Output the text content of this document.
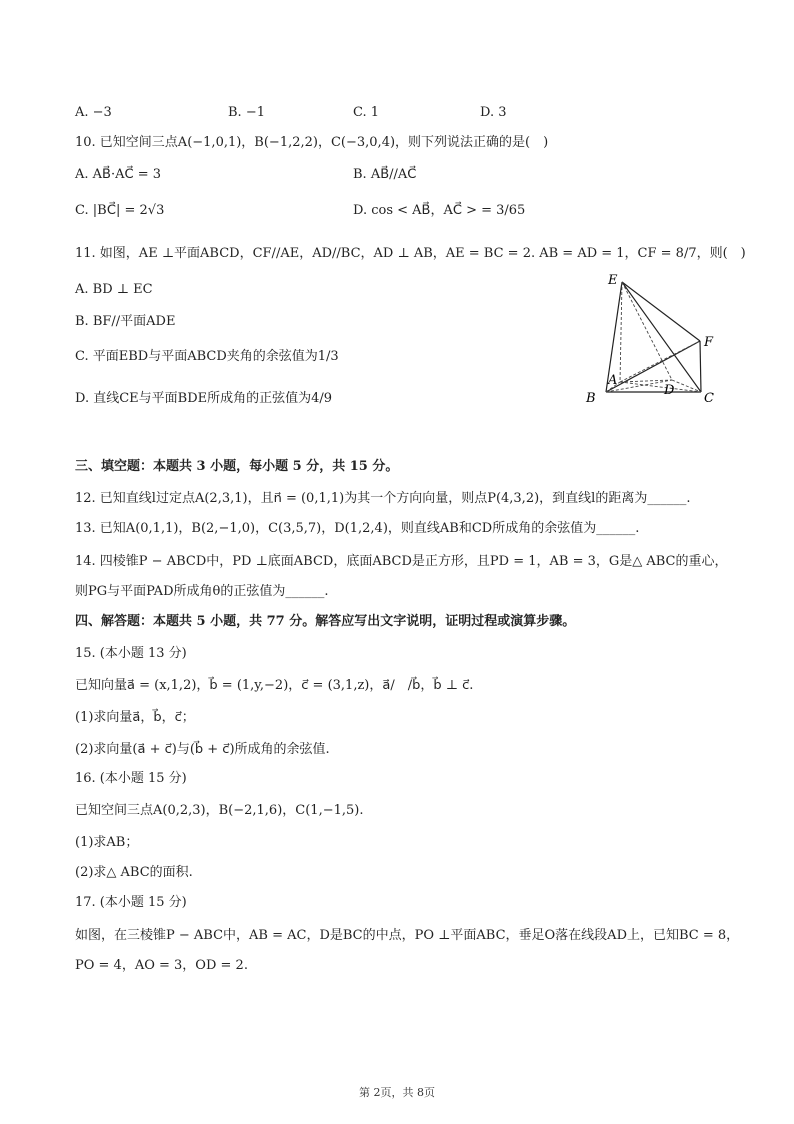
A. −3	B. −1	C. 1	D. 3
10. 已知空间三点A(−1,0,1)，B(−1,2,2)，C(−3,0,4)，则下列说法正确的是(　)
A. AB⃗·AC⃗ = 3	B. AB⃗//AC⃗
C. |BC⃗| = 2√3	D. cos < AB⃗，AC⃗ > = 3/65
11. 如图，AE ⊥平面ABCD，CF//AE，AD//BC，AD ⊥ AB，AE = BC = 2. AB = AD = 1，CF = 8/7，则(　)
A. BD ⊥ EC
B. BF//平面ADE
C. 平面EBD与平面ABCD夹角的余弦值为1/3
D. 直线CE与平面BDE所成角的正弦值为4/9
E
F
A
D
B	C
三、填空题：本题共 3 小题，每小题 5 分，共 15 分。
12. 已知直线l过定点A(2,3,1)，且n⃗ = (0,1,1)为其一个方向向量，则点P(4,3,2)，到直线l的距离为______.
13. 已知A(0,1,1)，B(2,−1,0)，C(3,5,7)，D(1,2,4)，则直线AB和CD所成角的余弦值为______.
14. 四棱锥P − ABCD中，PD ⊥底面ABCD，底面ABCD是正方形，且PD = 1，AB = 3，G是△ ABC的重心，
则PG与平面PAD所成角θ的正弦值为______.
四、解答题：本题共 5 小题，共 77 分。解答应写出文字说明，证明过程或演算步骤。
15. (本小题 13 分)
已知向量a⃗ = (x,1,2)，b⃗ = (1,y,−2)，c⃗ = (3,1,z)，a⃗/　/b⃗，b⃗ ⊥ c⃗.
(1)求向量a⃗，b⃗，c⃗；
(2)求向量(a⃗ + c⃗)与(b⃗ + c⃗)所成角的余弦值.
16. (本小题 15 分)
已知空间三点A(0,2,3)，B(−2,1,6)，C(1,−1,5).
(1)求AB；
(2)求△ ABC的面积.
17. (本小题 15 分)
如图，在三棱锥P − ABC中，AB = AC，D是BC的中点，PO ⊥平面ABC，垂足O落在线段AD上，已知BC = 8，
PO = 4，AO = 3，OD = 2.
第 2页，共 8页
